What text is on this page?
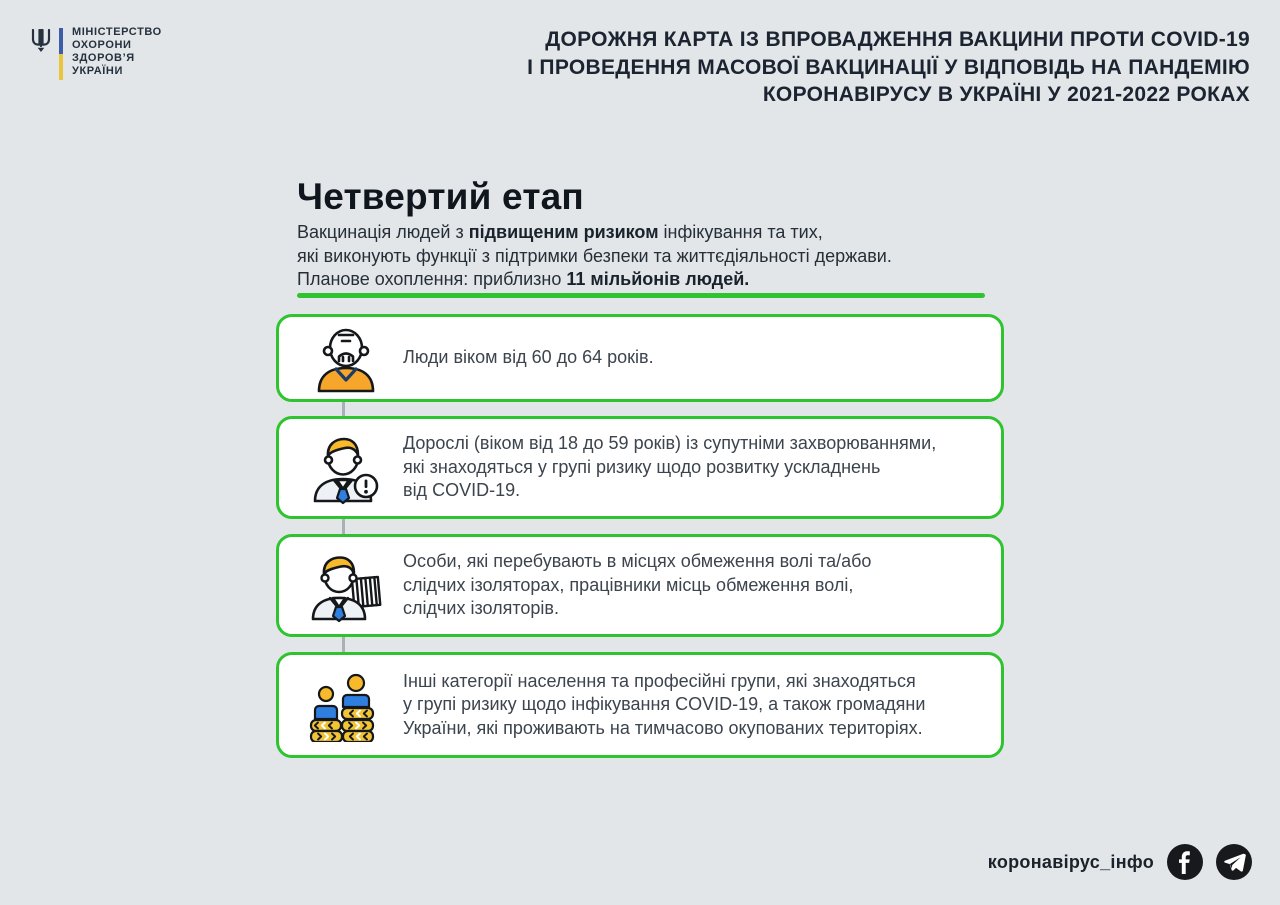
МІНІСТЕРСТВО
ОХОРОНИ
ЗДОРОВ’Я
УКРАЇНИ
ДОРОЖНЯ КАРТА ІЗ ВПРОВАДЖЕННЯ ВАКЦИНИ ПРОТИ COVID-19
І ПРОВЕДЕННЯ МАСОВОЇ ВАКЦИНАЦІЇ У ВІДПОВІДЬ НА ПАНДЕМІЮ
КОРОНАВІРУСУ В УКРАЇНІ У 2021-2022 РОКАХ
Четвертий етап
Вакцинація людей з підвищеним ризиком інфікування та тих,
які виконують функції з підтримки безпеки та життєдіяльності держави.
Планове охоплення: приблизно 11 мільйонів людей.
Люди віком від 60 до 64 років.
Дорослі (віком від 18 до 59 років) із супутніми захворюваннями,
які знаходяться у групі ризику щодо розвитку ускладнень
від COVID-19.
Особи, які перебувають в місцях обмеження волі та/або
слідчих ізоляторах, працівники місць обмеження волі,
слідчих ізоляторів.
Інші категорії населення та професійні групи, які знаходяться
у групі ризику щодо інфікування COVID-19, а також громадяни
України, які проживають на тимчасово окупованих територіях.
коронавірус_інфо
